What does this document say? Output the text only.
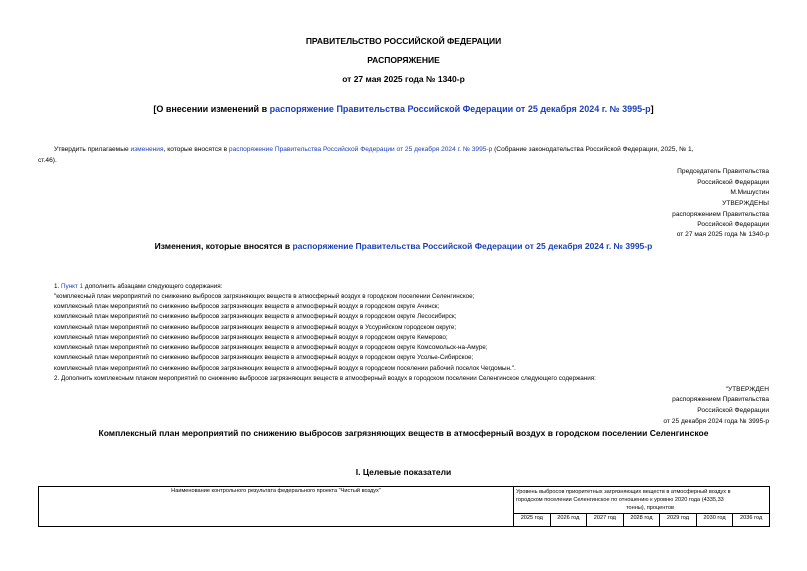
ПРАВИТЕЛЬСТВО РОССИЙСКОЙ ФЕДЕРАЦИИ
РАСПОРЯЖЕНИЕ
от 27 мая 2025 года № 1340-р
[О внесении изменений в распоряжение Правительства Российской Федерации от 25 декабря 2024 г. № 3995-р]
Утвердить прилагаемые изменения, которые вносятся в распоряжение Правительства Российской Федерации от 25 декабря 2024 г. № 3995-р (Собрание законодательства Российской Федерации, 2025, № 1,
ст.46).
Председатель Правительства
Российской Федерации
М.Мишустин
УТВЕРЖДЕНЫ
распоряжением Правительства
Российской Федерации
от 27 мая 2025 года № 1340-р
Изменения, которые вносятся в распоряжение Правительства Российской Федерации от 25 декабря 2024 г. № 3995-р
1. Пункт 1 дополнить абзацами следующего содержания:
"комплексный план мероприятий по снижению выбросов загрязняющих веществ в атмосферный воздух в городском поселении Селенгинское;
комплексный план мероприятий по снижению выбросов загрязняющих веществ в атмосферный воздух в городском округе Ачинск;
комплексный план мероприятий по снижению выбросов загрязняющих веществ в атмосферный воздух в городском округе Лесосибирск;
комплексный план мероприятий по снижению выбросов загрязняющих веществ в атмосферный воздух в Уссурийском городском округе;
комплексный план мероприятий по снижению выбросов загрязняющих веществ в атмосферный воздух в городском округе Кемерово;
комплексный план мероприятий по снижению выбросов загрязняющих веществ в атмосферный воздух в городском округе Комсомольск-на-Амуре;
комплексный план мероприятий по снижению выбросов загрязняющих веществ в атмосферный воздух в городском округе Усолье-Сибирское;
комплексный план мероприятий по снижению выбросов загрязняющих веществ в атмосферный воздух в городском поселении рабочий поселок Чегдомын.".
2. Дополнить комплексным планом мероприятий по снижению выбросов загрязняющих веществ в атмосферный воздух в городском поселении Селенгинское следующего содержания:
"УТВЕРЖДЕН
распоряжением Правительства
Российской Федерации
от 25 декабря 2024 года № 3995-р
Комплексный план мероприятий по снижению выбросов загрязняющих веществ в атмосферный воздух в городском поселении Селенгинское
I. Целевые показатели
Наименование контрольного результата федерального проекта "Чистый воздух"	Уровень выбросов приоритетных загрязняющих веществ в атмосферный воздух в
городском поселении Селенгинское по отношению к уровню 2020 года (4335,33
тонны), процентов						

	2025 год	2026 год	2027 год	2028 год	2029 год	2030 год	2036 год
